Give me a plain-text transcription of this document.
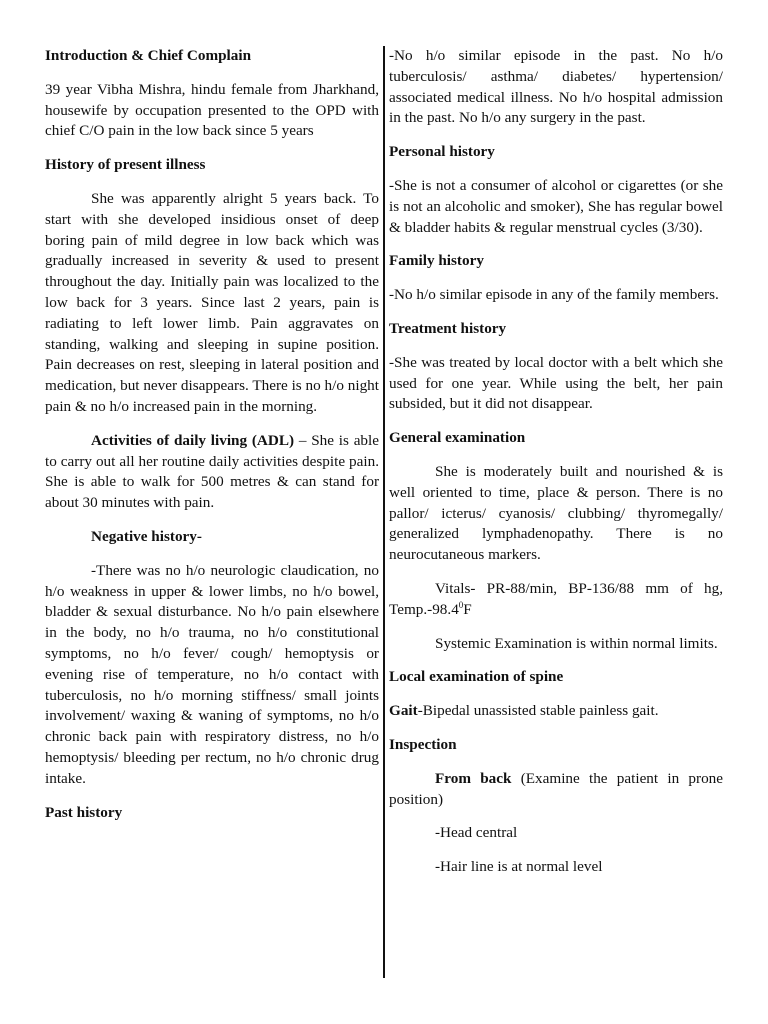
Introduction & Chief Complain
39 year Vibha Mishra, hindu female from Jharkhand, housewife by occupation presented to the OPD with chief C/O pain in the low back since 5 years
History of present illness
She was apparently alright 5 years back. To start with she developed insidious onset of deep boring pain of mild degree in low back which was gradually increased in severity & used to present throughout the day. Initially pain was localized to the low back for 3 years. Since last 2 years, pain is radiating to left lower limb. Pain aggravates on standing, walking and sleeping in supine position. Pain decreases on rest, sleeping in lateral position and medication, but never disappears. There is no h/o night pain & no h/o increased pain in the morning.
Activities of daily living (ADL) – She is able to carry out all her routine daily activities despite pain. She is able to walk for 500 metres & can stand for about 30 minutes with pain.
Negative history-
-There was no h/o neurologic claudication, no h/o weakness in upper & lower limbs, no h/o bowel, bladder & sexual disturbance. No h/o pain elsewhere in the body, no h/o trauma, no h/o constitutional symptoms, no h/o fever/ cough/ hemoptysis or evening rise of temperature, no h/o contact with tuberculosis, no h/o morning stiffness/ small joints involvement/ waxing & waning of symptoms, no h/o chronic back pain with respiratory distress, no h/o hemoptysis/ bleeding per rectum, no h/o chronic drug intake.
Past history
-No h/o similar episode in the past. No h/o tuberculosis/ asthma/ diabetes/ hypertension/ associated medical illness. No h/o hospital admission in the past. No h/o any surgery in the past.
Personal history
-She is not a consumer of alcohol or cigarettes (or she is not an alcoholic and smoker), She has regular bowel & bladder habits & regular menstrual cycles (3/30).
Family history
-No h/o similar episode in any of the family members.
Treatment history
-She was treated by local doctor with a belt which she used for one year. While using the belt, her pain subsided, but it did not disappear.
General examination
She is moderately built and nourished & is well oriented to time, place & person. There is no pallor/ icterus/ cyanosis/ clubbing/ thyromegally/ generalized lymphadenopathy. There is no neurocutaneous markers.
Vitals- PR-88/min, BP-136/88 mm of hg, Temp.-98.4$^0$F
Systemic Examination is within normal limits.
Local examination of spine
Gait-Bipedal unassisted stable painless gait.
Inspection
From back (Examine the patient in prone position)
-Head central
-Hair line is at normal level
